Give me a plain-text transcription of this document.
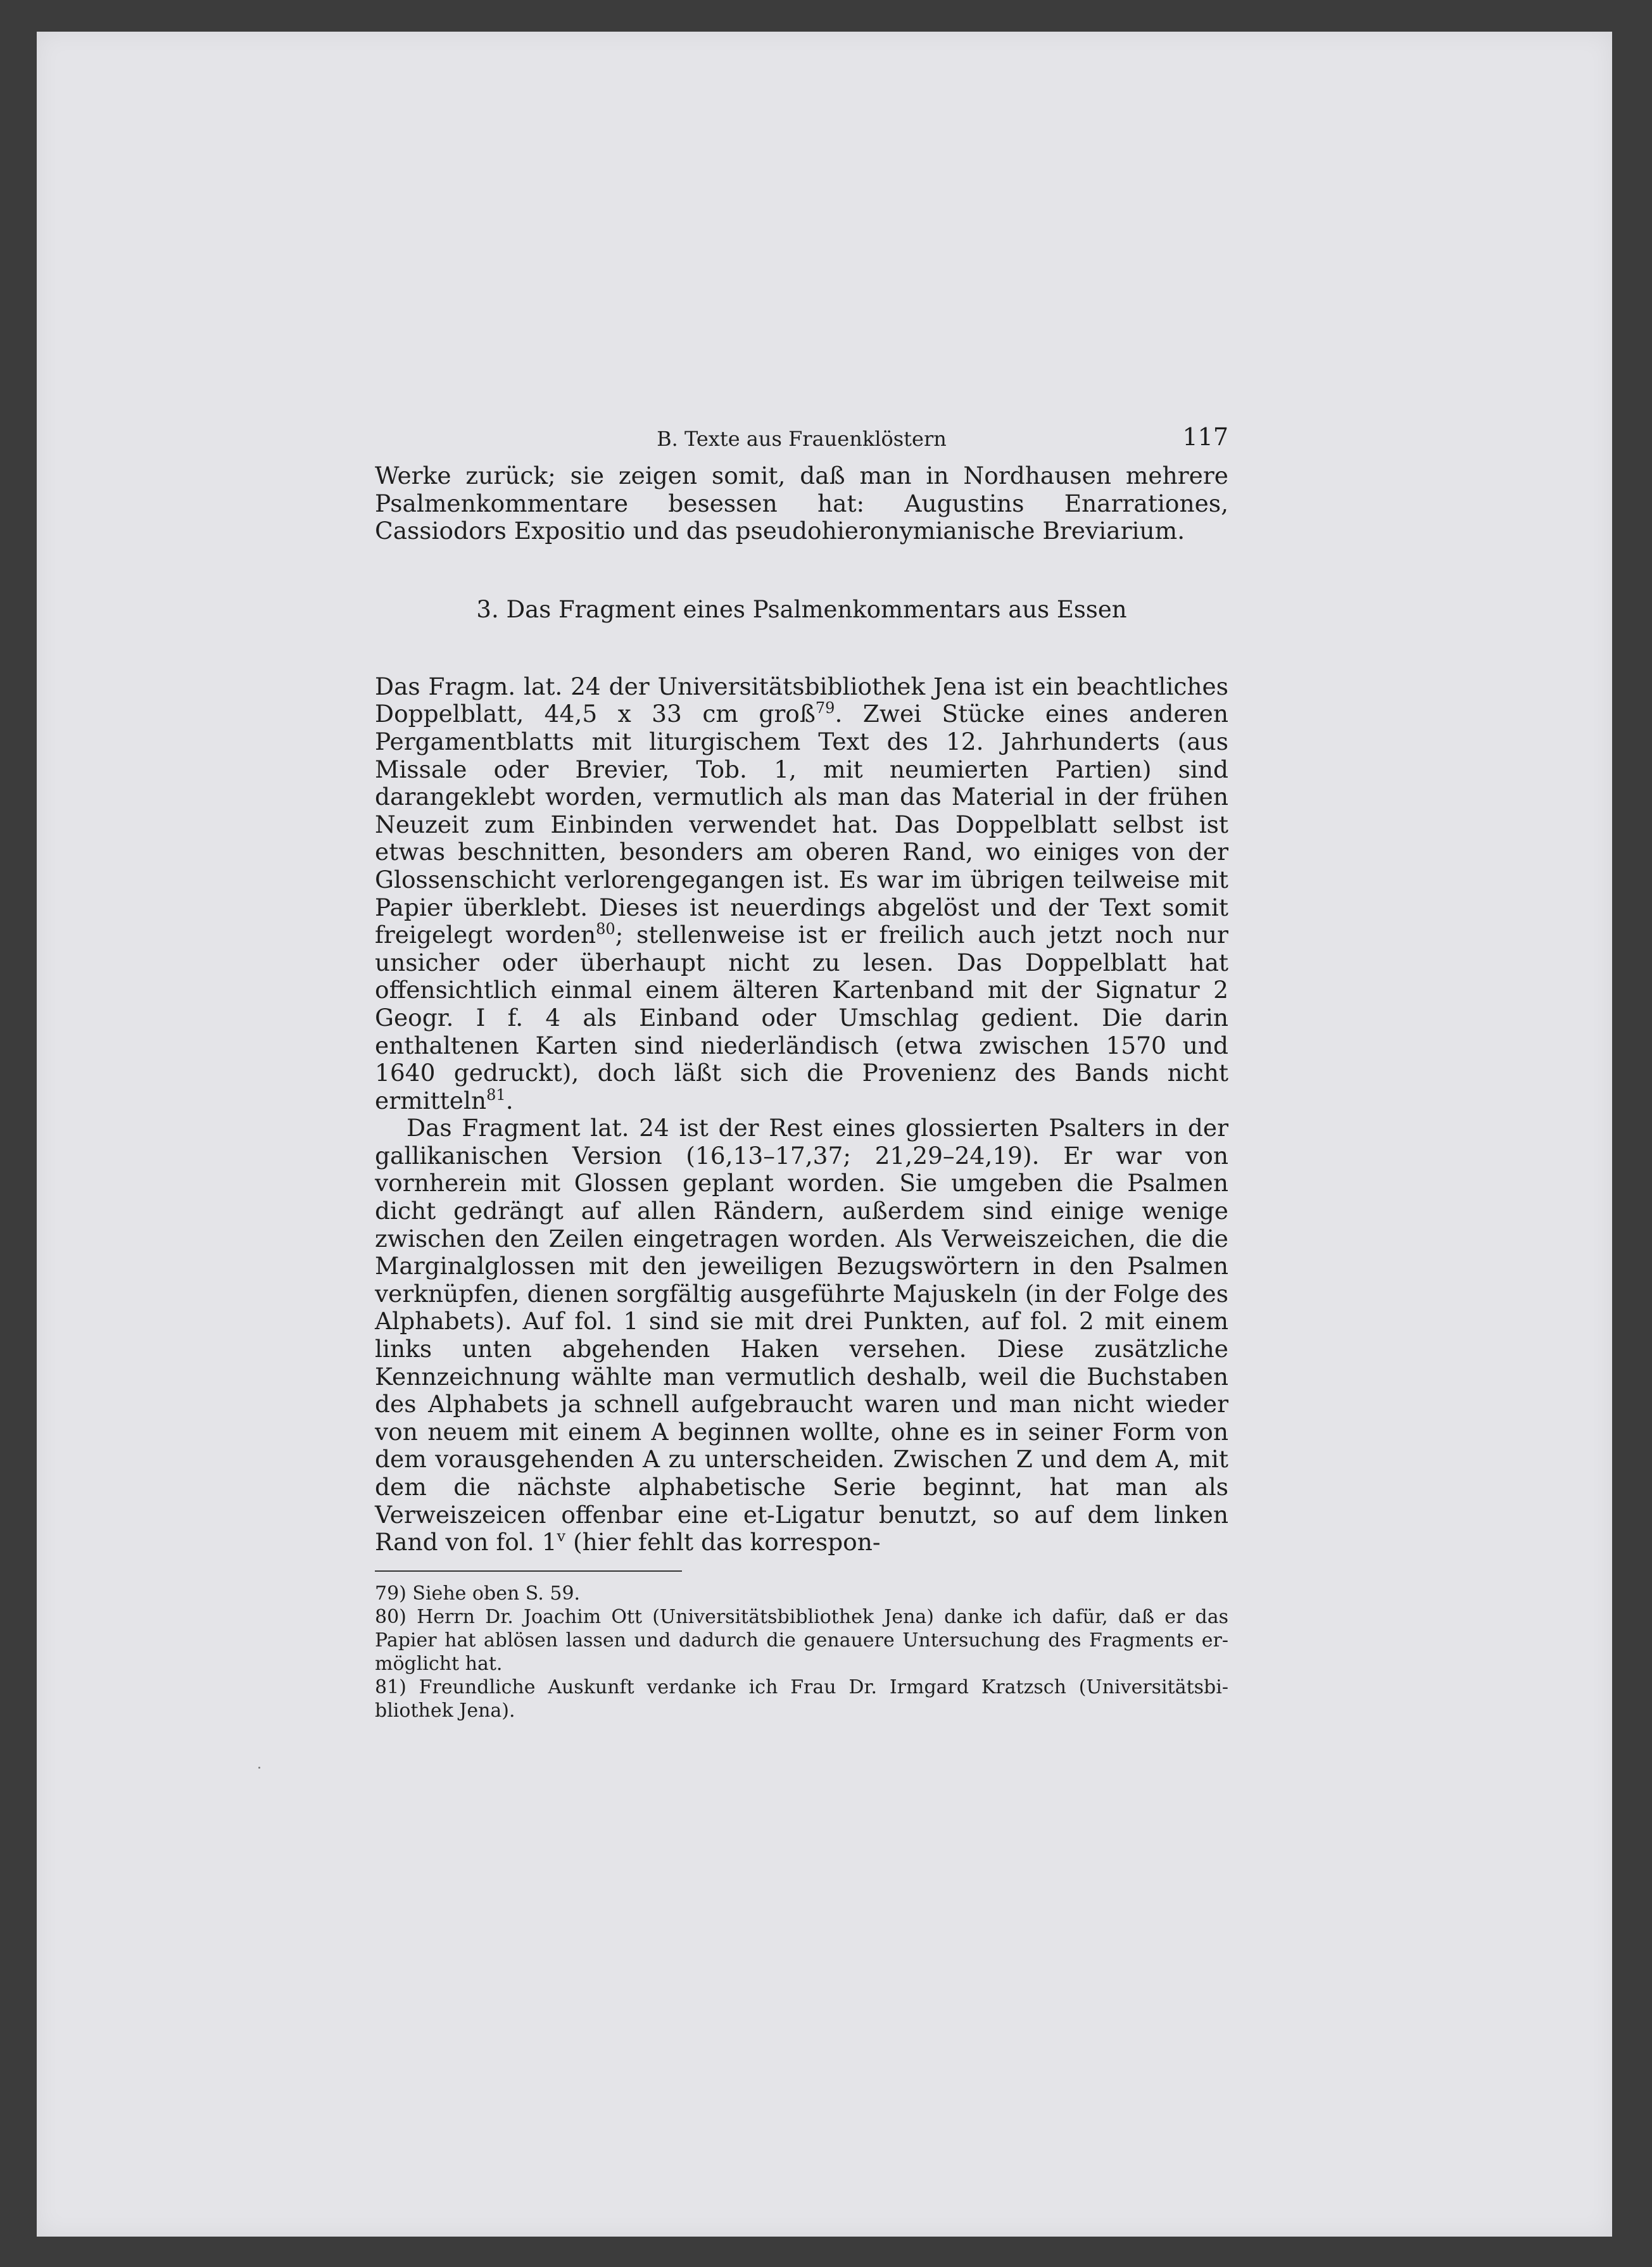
B. Texte aus Frauenklöstern	117

Werke zurück; sie zeigen somit, daß man in Nordhausen mehrere Psalmenkommentare besessen hat: Augustins Enarrationes, Cassiodors Expositio und das pseudohieronymianische Breviarium.

3. Das Fragment eines Psalmenkommentars aus Essen

Das Fragm. lat. 24 der Universitätsbibliothek Jena ist ein beachtliches Doppelblatt, 44,5 x 33 cm groß$^{79}$. Zwei Stücke eines anderen Pergamentblatts mit liturgischem Text des 12. Jahrhunderts (aus Missale oder Brevier, Tob. 1, mit neumierten Partien) sind darangeklebt worden, vermutlich als man das Material in der frühen Neuzeit zum Einbinden verwendet hat. Das Doppelblatt selbst ist etwas beschnitten, besonders am oberen Rand, wo einiges von der Glossenschicht verlorengegangen ist. Es war im übrigen teilweise mit Papier überklebt. Dieses ist neuerdings abgelöst und der Text somit freigelegt worden$^{80}$; stellenweise ist er freilich auch jetzt noch nur unsicher oder überhaupt nicht zu lesen. Das Doppelblatt hat offensichtlich einmal einem älteren Kartenband mit der Signatur 2 Geogr. I f. 4 als Einband oder Umschlag gedient. Die darin enthaltenen Karten sind niederländisch (etwa zwischen 1570 und 1640 gedruckt), doch läßt sich die Provenienz des Bands nicht ermitteln$^{81}$.

Das Fragment lat. 24 ist der Rest eines glossierten Psalters in der gallikanischen Version (16,13–17,37; 21,29–24,19). Er war von vornherein mit Glossen geplant worden. Sie umgeben die Psalmen dicht gedrängt auf allen Rändern, außerdem sind einige wenige zwischen den Zeilen eingetragen worden. Als Verweiszeichen, die die Marginalglossen mit den jeweiligen Bezugswörtern in den Psalmen verknüpfen, dienen sorgfältig ausgeführte Majuskeln (in der Folge des Alphabets). Auf fol. 1 sind sie mit drei Punkten, auf fol. 2 mit einem links unten abgehenden Haken versehen. Diese zusätzliche Kennzeichnung wählte man vermutlich deshalb, weil die Buchstaben des Alphabets ja schnell aufgebraucht waren und man nicht wieder von neuem mit einem A beginnen wollte, ohne es in seiner Form von dem vorausgehenden A zu unterscheiden. Zwischen Z und dem A, mit dem die nächste alphabetische Serie beginnt, hat man als Verweiszeicen offenbar eine et-Ligatur benutzt, so auf dem linken Rand von fol. 1$^v$ (hier fehlt das korrespon-

79) Siehe oben S. 59.

80) Herrn Dr. Joachim Ott (Universitätsbibliothek Jena) danke ich dafür, daß er das Papier hat ablösen lassen und dadurch die genauere Untersuchung des Fragments ermöglicht hat.

81) Freundliche Auskunft verdanke ich Frau Dr. Irmgard Kratzsch (Universitätsbibliothek Jena).
